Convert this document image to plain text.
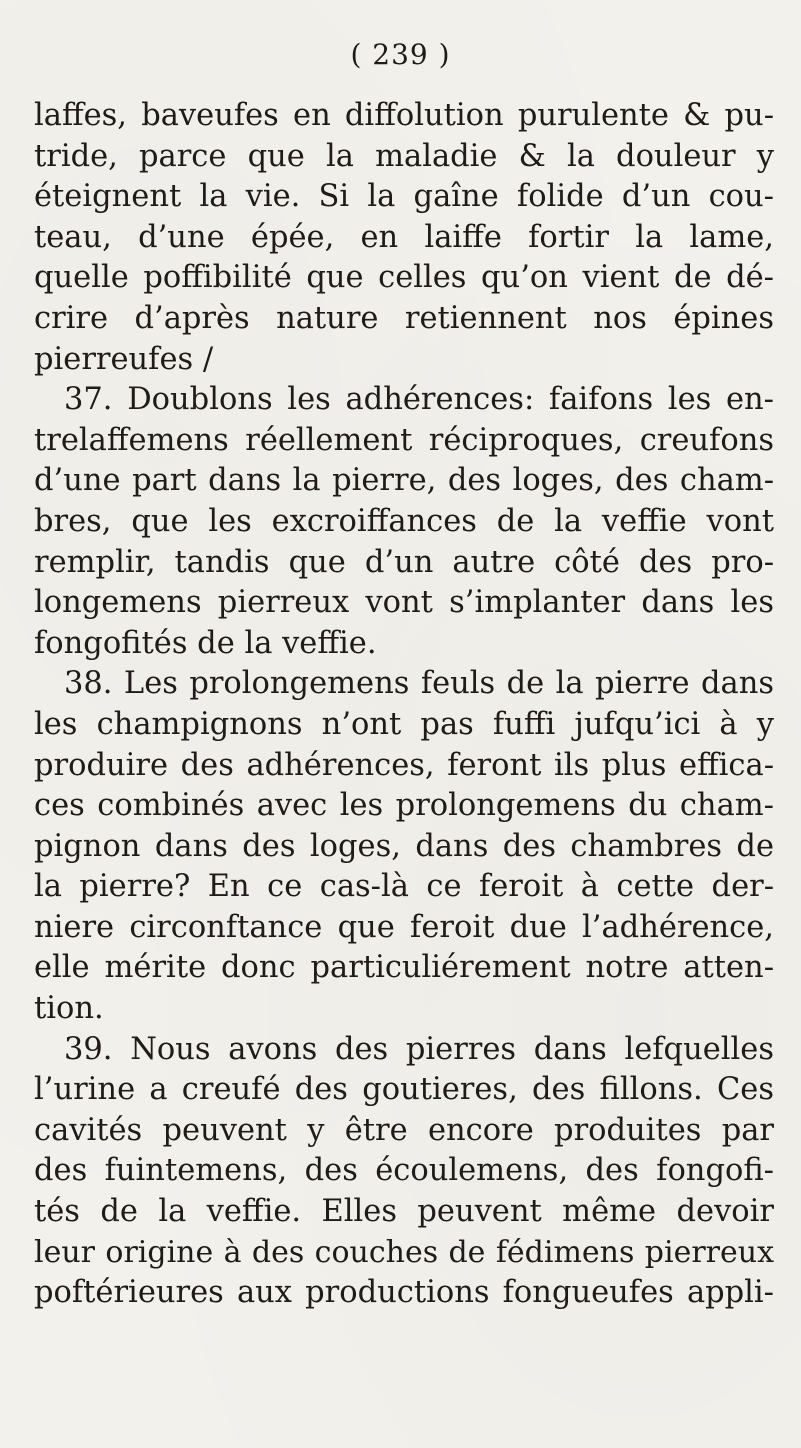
( 239 )
laffes, baveufes en diffolution purulente & pu-
tride, parce que la maladie & la douleur y
éteignent la vie. Si la gaîne folide d’un cou-
teau, d’une épée, en laiffe fortir la lame,
quelle poffibilité que celles qu’on vient de dé-
crire d’après nature retiennent nos épines
pierreufes /
37. Doublons les adhérences: faifons les en-
trelaffemens réellement réciproques, creufons
d’une part dans la pierre, des loges, des cham-
bres, que les excroiffances de la veffie vont
remplir, tandis que d’un autre côté des pro-
longemens pierreux vont s’implanter dans les
fongofités de la veffie.
38. Les prolongemens feuls de la pierre dans
les champignons n’ont pas fuffi jufqu’ici à y
produire des adhérences, feront ils plus effica-
ces combinés avec les prolongemens du cham-
pignon dans des loges, dans des chambres de
la pierre? En ce cas-là ce feroit à cette der-
niere circonftance que feroit due l’adhérence,
elle mérite donc particuliérement notre atten-
tion.
39. Nous avons des pierres dans lefquelles
l’urine a creufé des goutieres, des fillons. Ces
cavités peuvent y être encore produites par
des fuintemens, des écoulemens, des fongofi-
tés de la veffie. Elles peuvent même devoir
leur origine à des couches de fédimens pierreux
poftérieures aux productions fongueufes appli-
